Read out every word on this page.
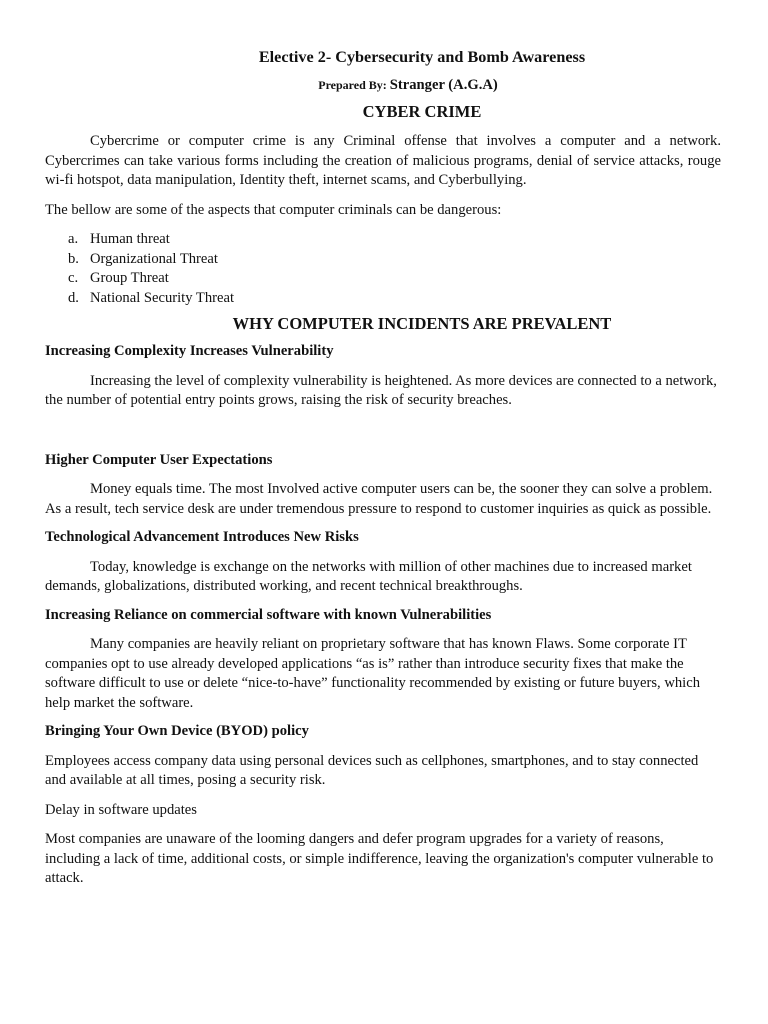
Elective 2- Cybersecurity and Bomb Awareness
Prepared By: Stranger (A.G.A)
CYBER CRIME

Cybercrime or computer crime is any Criminal offense that involves a computer and a network. Cybercrimes can take various forms including the creation of malicious programs, denial of service attacks, rouge wi-fi hotspot, data manipulation, Identity theft, internet scams, and Cyberbullying.

The bellow are some of the aspects that computer criminals can be dangerous:

a. Human threat
b. Organizational Threat
c. Group Threat
d. National Security Threat
WHY COMPUTER INCIDENTS ARE PREVALENT
Increasing Complexity Increases Vulnerability

Increasing the level of complexity vulnerability is heightened. As more devices are connected to a network, the number of potential entry points grows, raising the risk of security breaches.

Higher Computer User Expectations

Money equals time. The most Involved active computer users can be, the sooner they can solve a problem. As a result, tech service desk are under tremendous pressure to respond to customer inquiries as quick as possible.

Technological Advancement Introduces New Risks

Today, knowledge is exchange on the networks with million of other machines due to increased market demands, globalizations, distributed working, and recent technical breakthroughs.

Increasing Reliance on commercial software with known Vulnerabilities

Many companies are heavily reliant on proprietary software that has known Flaws. Some corporate IT companies opt to use already developed applications “as is” rather than introduce security fixes that make the software difficult to use or delete “nice-to-have” functionality recommended by existing or future buyers, which help market the software.

Bringing Your Own Device (BYOD) policy

Employees access company data using personal devices such as cellphones, smartphones, and to stay connected and available at all times, posing a security risk.

Delay in software updates

Most companies are unaware of the looming dangers and defer program upgrades for a variety of reasons, including a lack of time, additional costs, or simple indifference, leaving the organization's computer vulnerable to attack.
